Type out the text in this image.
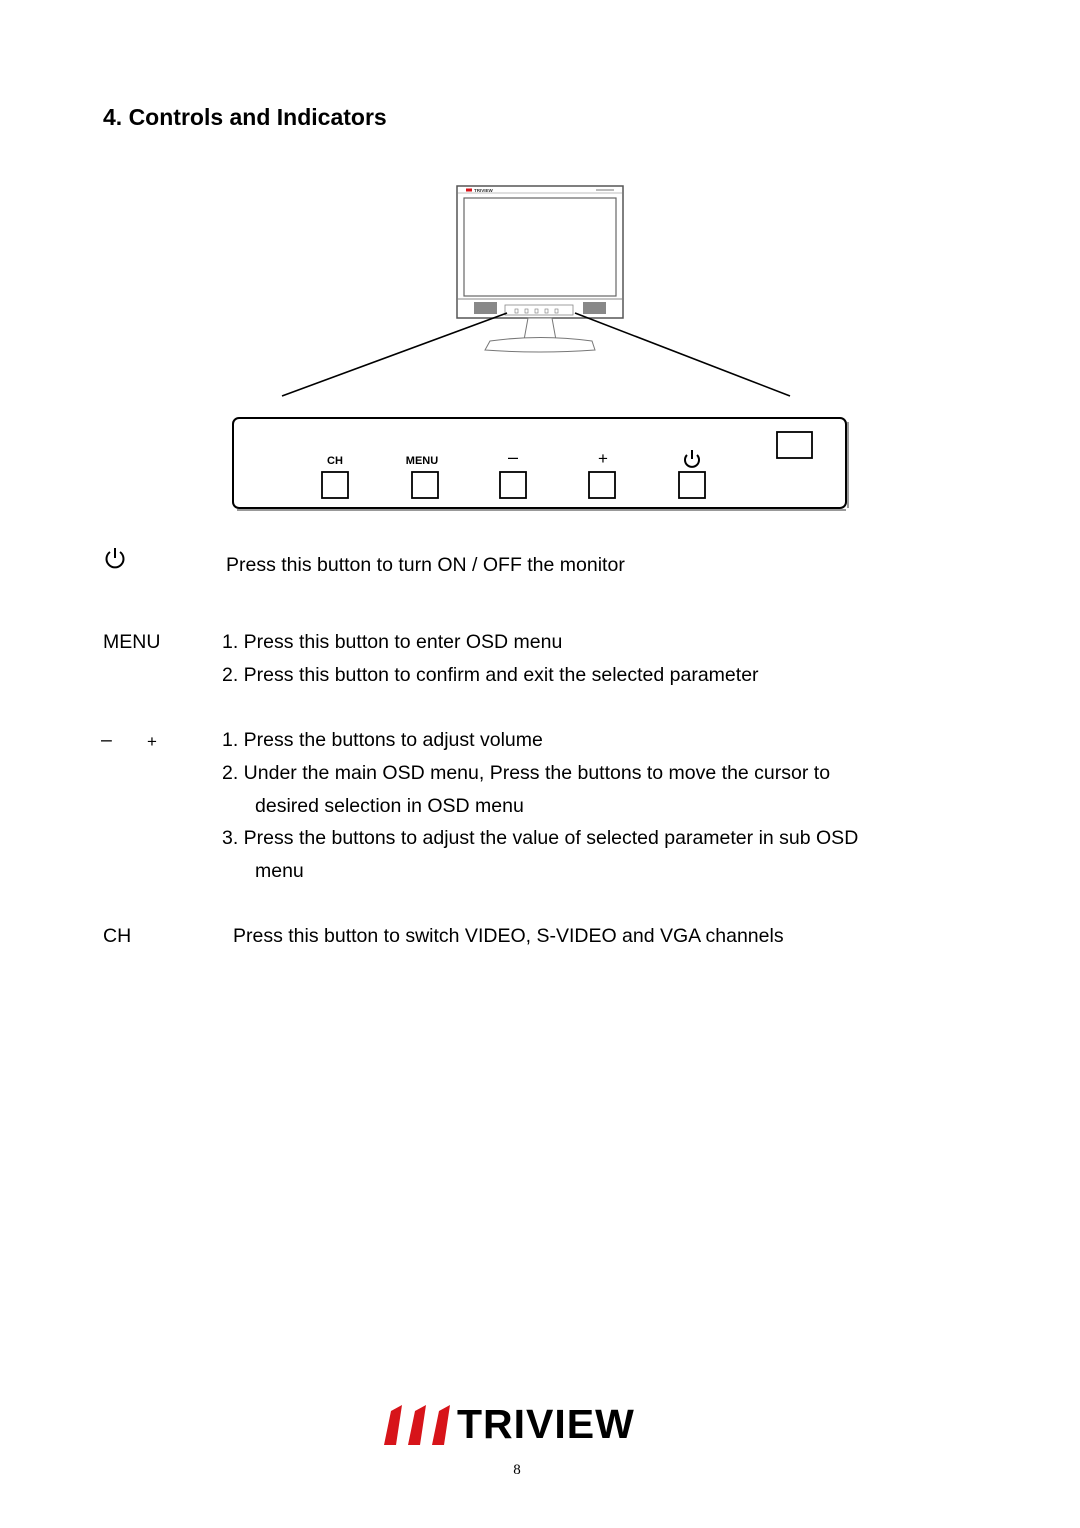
4. Controls and Indicators
TRIVIEW
CH	MENU	–	+
Press this button to turn ON / OFF the monitor
MENU	1. Press this button to enter OSD menu
2. Press this button to confirm and exit the selected parameter
– +	1. Press the buttons to adjust volume
2. Under the main OSD menu, Press the buttons to move the cursor to
desired selection in OSD menu
3. Press the buttons to adjust the value of selected parameter in sub OSD
menu
CH	Press this button to switch VIDEO, S-VIDEO and VGA channels
TRIVIEW
8
